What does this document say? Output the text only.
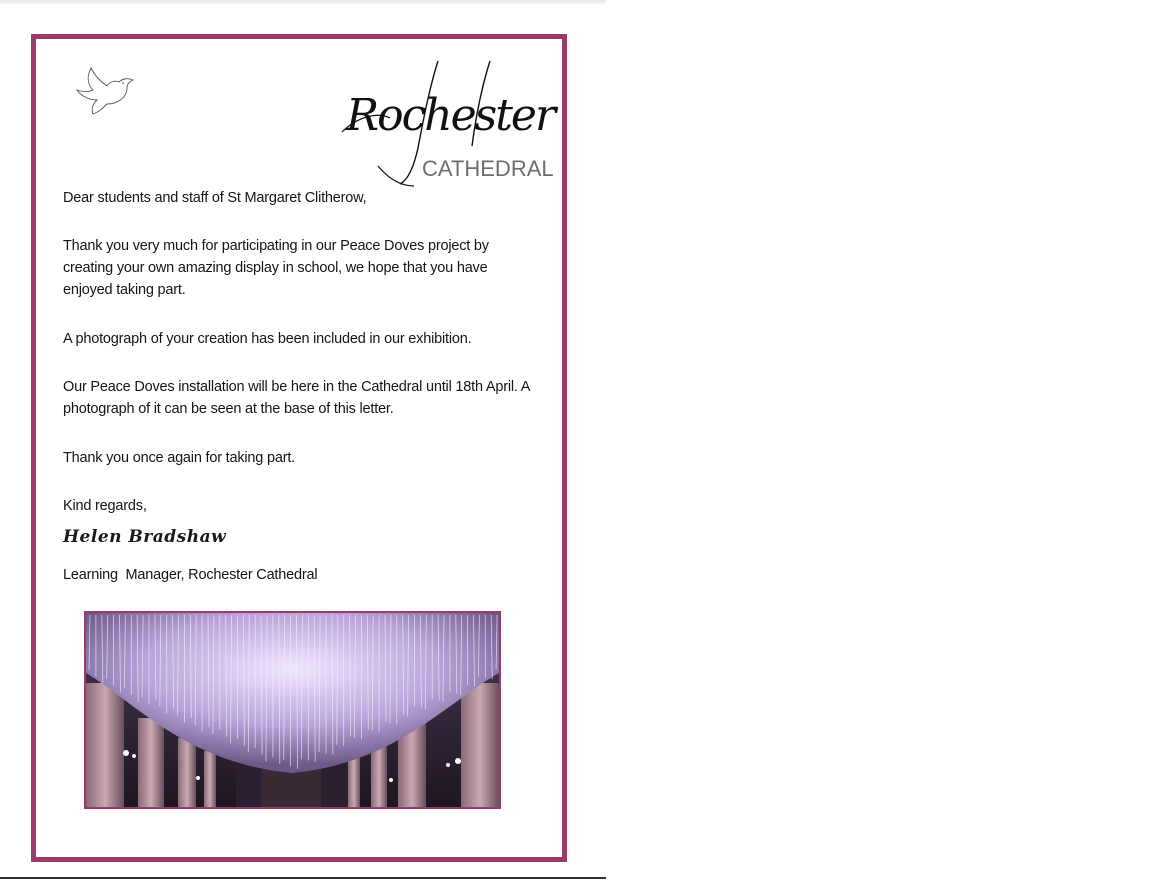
Rochester
CATHEDRAL
Dear students and staff of St Margaret Clitherow,
Thank you very much for participating in our Peace Doves project by creating your own amazing display in school, we hope that you have enjoyed taking part.
A photograph of your creation has been included in our exhibition.
Our Peace Doves installation will be here in the Cathedral until 18th April. A photograph of it can be seen at the base of this letter.
Thank you once again for taking part.
Kind regards,
Helen Bradshaw
Learning  Manager, Rochester Cathedral
